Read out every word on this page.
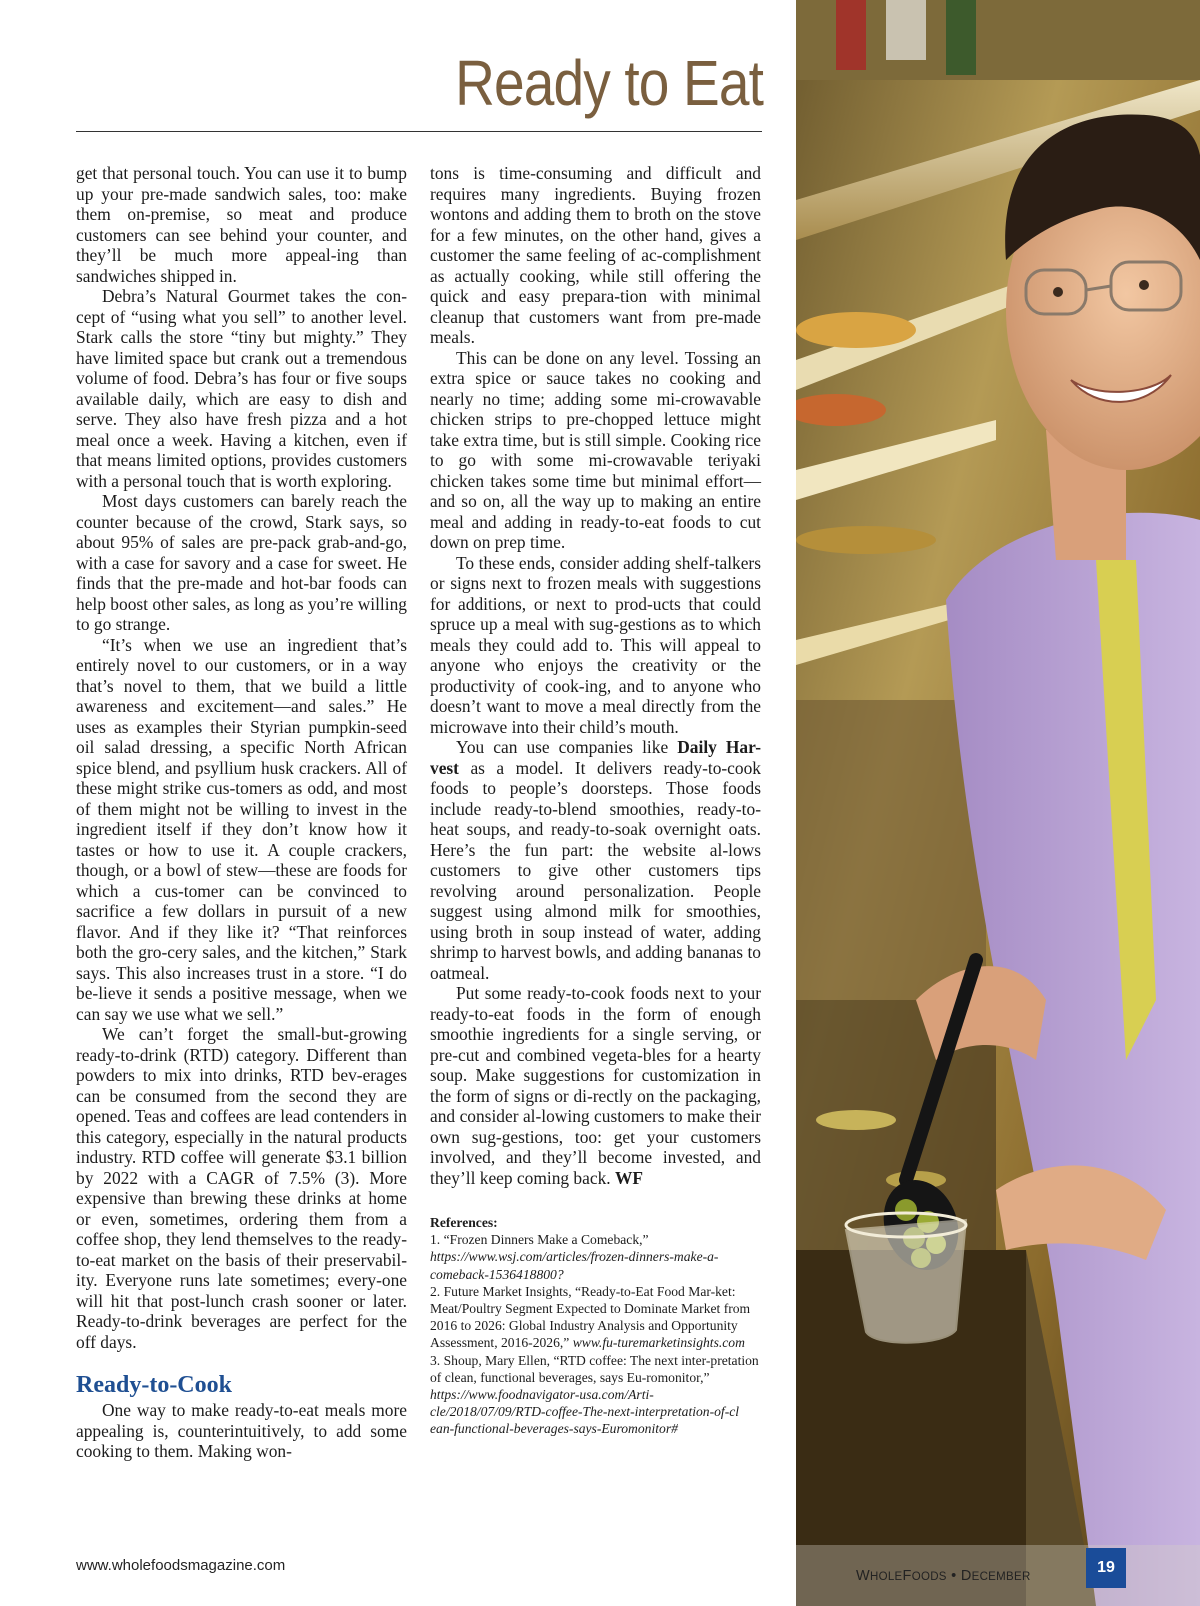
Ready to Eat

get that personal touch. You can use it to bump up your pre-made sandwich sales, too: make them on-premise, so meat and produce customers can see behind your counter, and they’ll be much more appeal-ing than sandwiches shipped in.

Debra’s Natural Gourmet takes the con-cept of “using what you sell” to another level. Stark calls the store “tiny but mighty.” They have limited space but crank out a tremendous volume of food. Debra’s has four or five soups available daily, which are easy to dish and serve. They also have fresh pizza and a hot meal once a week. Having a kitchen, even if that means limited options, provides customers with a personal touch that is worth exploring.

Most days customers can barely reach the counter because of the crowd, Stark says, so about 95% of sales are pre-pack grab-and-go, with a case for savory and a case for sweet. He finds that the pre-made and hot-bar foods can help boost other sales, as long as you’re willing to go strange.

“It’s when we use an ingredient that’s entirely novel to our customers, or in a way that’s novel to them, that we build a little awareness and excitement—and sales.” He uses as examples their Styrian pumpkin-seed oil salad dressing, a specific North African spice blend, and psyllium husk crackers. All of these might strike cus-tomers as odd, and most of them might not be willing to invest in the ingredient itself if they don’t know how it tastes or how to use it. A couple crackers, though, or a bowl of stew—these are foods for which a cus-tomer can be convinced to sacrifice a few dollars in pursuit of a new flavor. And if they like it? “That reinforces both the gro-cery sales, and the kitchen,” Stark says. This also increases trust in a store. “I do be-lieve it sends a positive message, when we can say we use what we sell.”

We can’t forget the small-but-growing ready-to-drink (RTD) category. Different than powders to mix into drinks, RTD bev-erages can be consumed from the second they are opened. Teas and coffees are lead contenders in this category, especially in the natural products industry. RTD coffee will generate $3.1 billion by 2022 with a CAGR of 7.5% (3). More expensive than brewing these drinks at home or even, sometimes, ordering them from a coffee shop, they lend themselves to the ready-to-eat market on the basis of their preservabil-ity. Everyone runs late sometimes; every-one will hit that post-lunch crash sooner or later. Ready-to-drink beverages are perfect for the off days.

Ready-to-Cook

One way to make ready-to-eat meals more appealing is, counterintuitively, to add some cooking to them. Making won-

tons is time-consuming and difficult and requires many ingredients. Buying frozen wontons and adding them to broth on the stove for a few minutes, on the other hand, gives a customer the same feeling of ac-complishment as actually cooking, while still offering the quick and easy prepara-tion with minimal cleanup that customers want from pre-made meals.

This can be done on any level. Tossing an extra spice or sauce takes no cooking and nearly no time; adding some mi-crowavable chicken strips to pre-chopped lettuce might take extra time, but is still simple. Cooking rice to go with some mi-crowavable teriyaki chicken takes some time but minimal effort—and so on, all the way up to making an entire meal and adding in ready-to-eat foods to cut down on prep time.

To these ends, consider adding shelf-talkers or signs next to frozen meals with suggestions for additions, or next to prod-ucts that could spruce up a meal with sug-gestions as to which meals they could add to. This will appeal to anyone who enjoys the creativity or the productivity of cook-ing, and to anyone who doesn’t want to move a meal directly from the microwave into their child’s mouth.

You can use companies like Daily Har-vest as a model. It delivers ready-to-cook foods to people’s doorsteps. Those foods include ready-to-blend smoothies, ready-to-heat soups, and ready-to-soak overnight oats. Here’s the fun part: the website al-lows customers to give other customers tips revolving around personalization. People suggest using almond milk for smoothies, using broth in soup instead of water, adding shrimp to harvest bowls, and adding bananas to oatmeal.

Put some ready-to-cook foods next to your ready-to-eat foods in the form of enough smoothie ingredients for a single serving, or pre-cut and combined vegeta-bles for a hearty soup. Make suggestions for customization in the form of signs or di-rectly on the packaging, and consider al-lowing customers to make their own sug-gestions, too: get your customers involved, and they’ll become invested, and they’ll keep coming back. WF

References:
1. “Frozen Dinners Make a Comeback,” https://www.wsj.com/articles/frozen-dinners-make-a-comeback-1536418800?
2. Future Market Insights, “Ready-to-Eat Food Mar-ket: Meat/Poultry Segment Expected to Dominate Market from 2016 to 2026: Global Industry Analysis and Opportunity Assessment, 2016-2026,” www.fu-turemarketinsights.com
3. Shoup, Mary Ellen, “RTD coffee: The next inter-pretation of clean, functional beverages, says Eu-romonitor,” https://www.foodnavigator-usa.com/Arti-cle/2018/07/09/RTD-coffee-The-next-interpretation-of-cl ean-functional-beverages-says-Euromonitor#
www.wholefoodsmagazine.com
WHOLEFOODS • DECEMBER
19
